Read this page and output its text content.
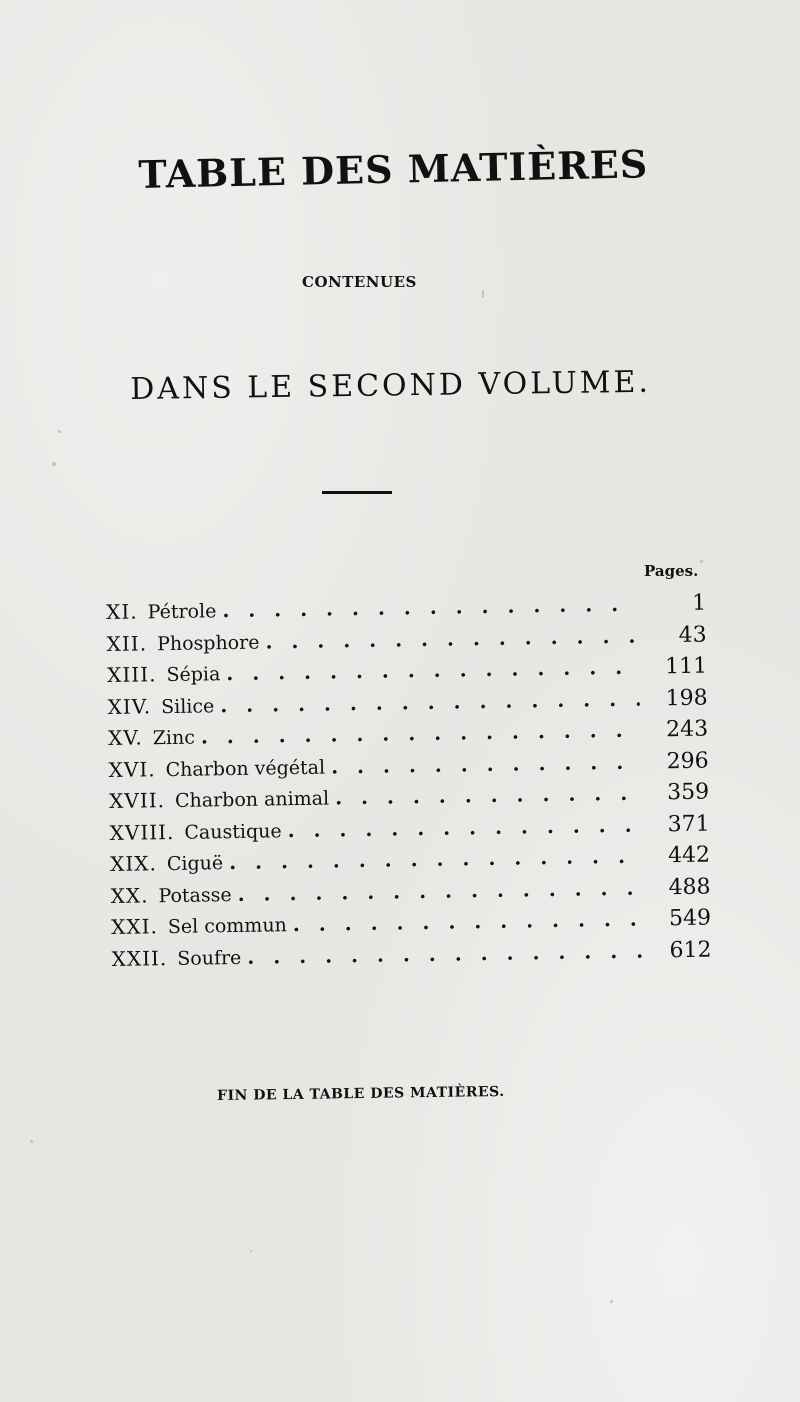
TABLE DES MATIÈRES
CONTENUES
DANS LE SECOND VOLUME.
Pages.
XI. Pétrole . . .	1
XII. Phosphore . . .	43
XIII. Sépia . . .	111
XIV. Silice . . .	198
XV. Zinc . . .	243
XVI. Charbon végétal . . .	296
XVII. Charbon animal . . .	359
XVIII. Caustique . . .	371
XIX. Ciguë . . .	442
XX. Potasse . . .	488
XXI. Sel commun . . .	549
XXII. Soufre . . .	612
FIN DE LA TABLE DES MATIÈRES.
